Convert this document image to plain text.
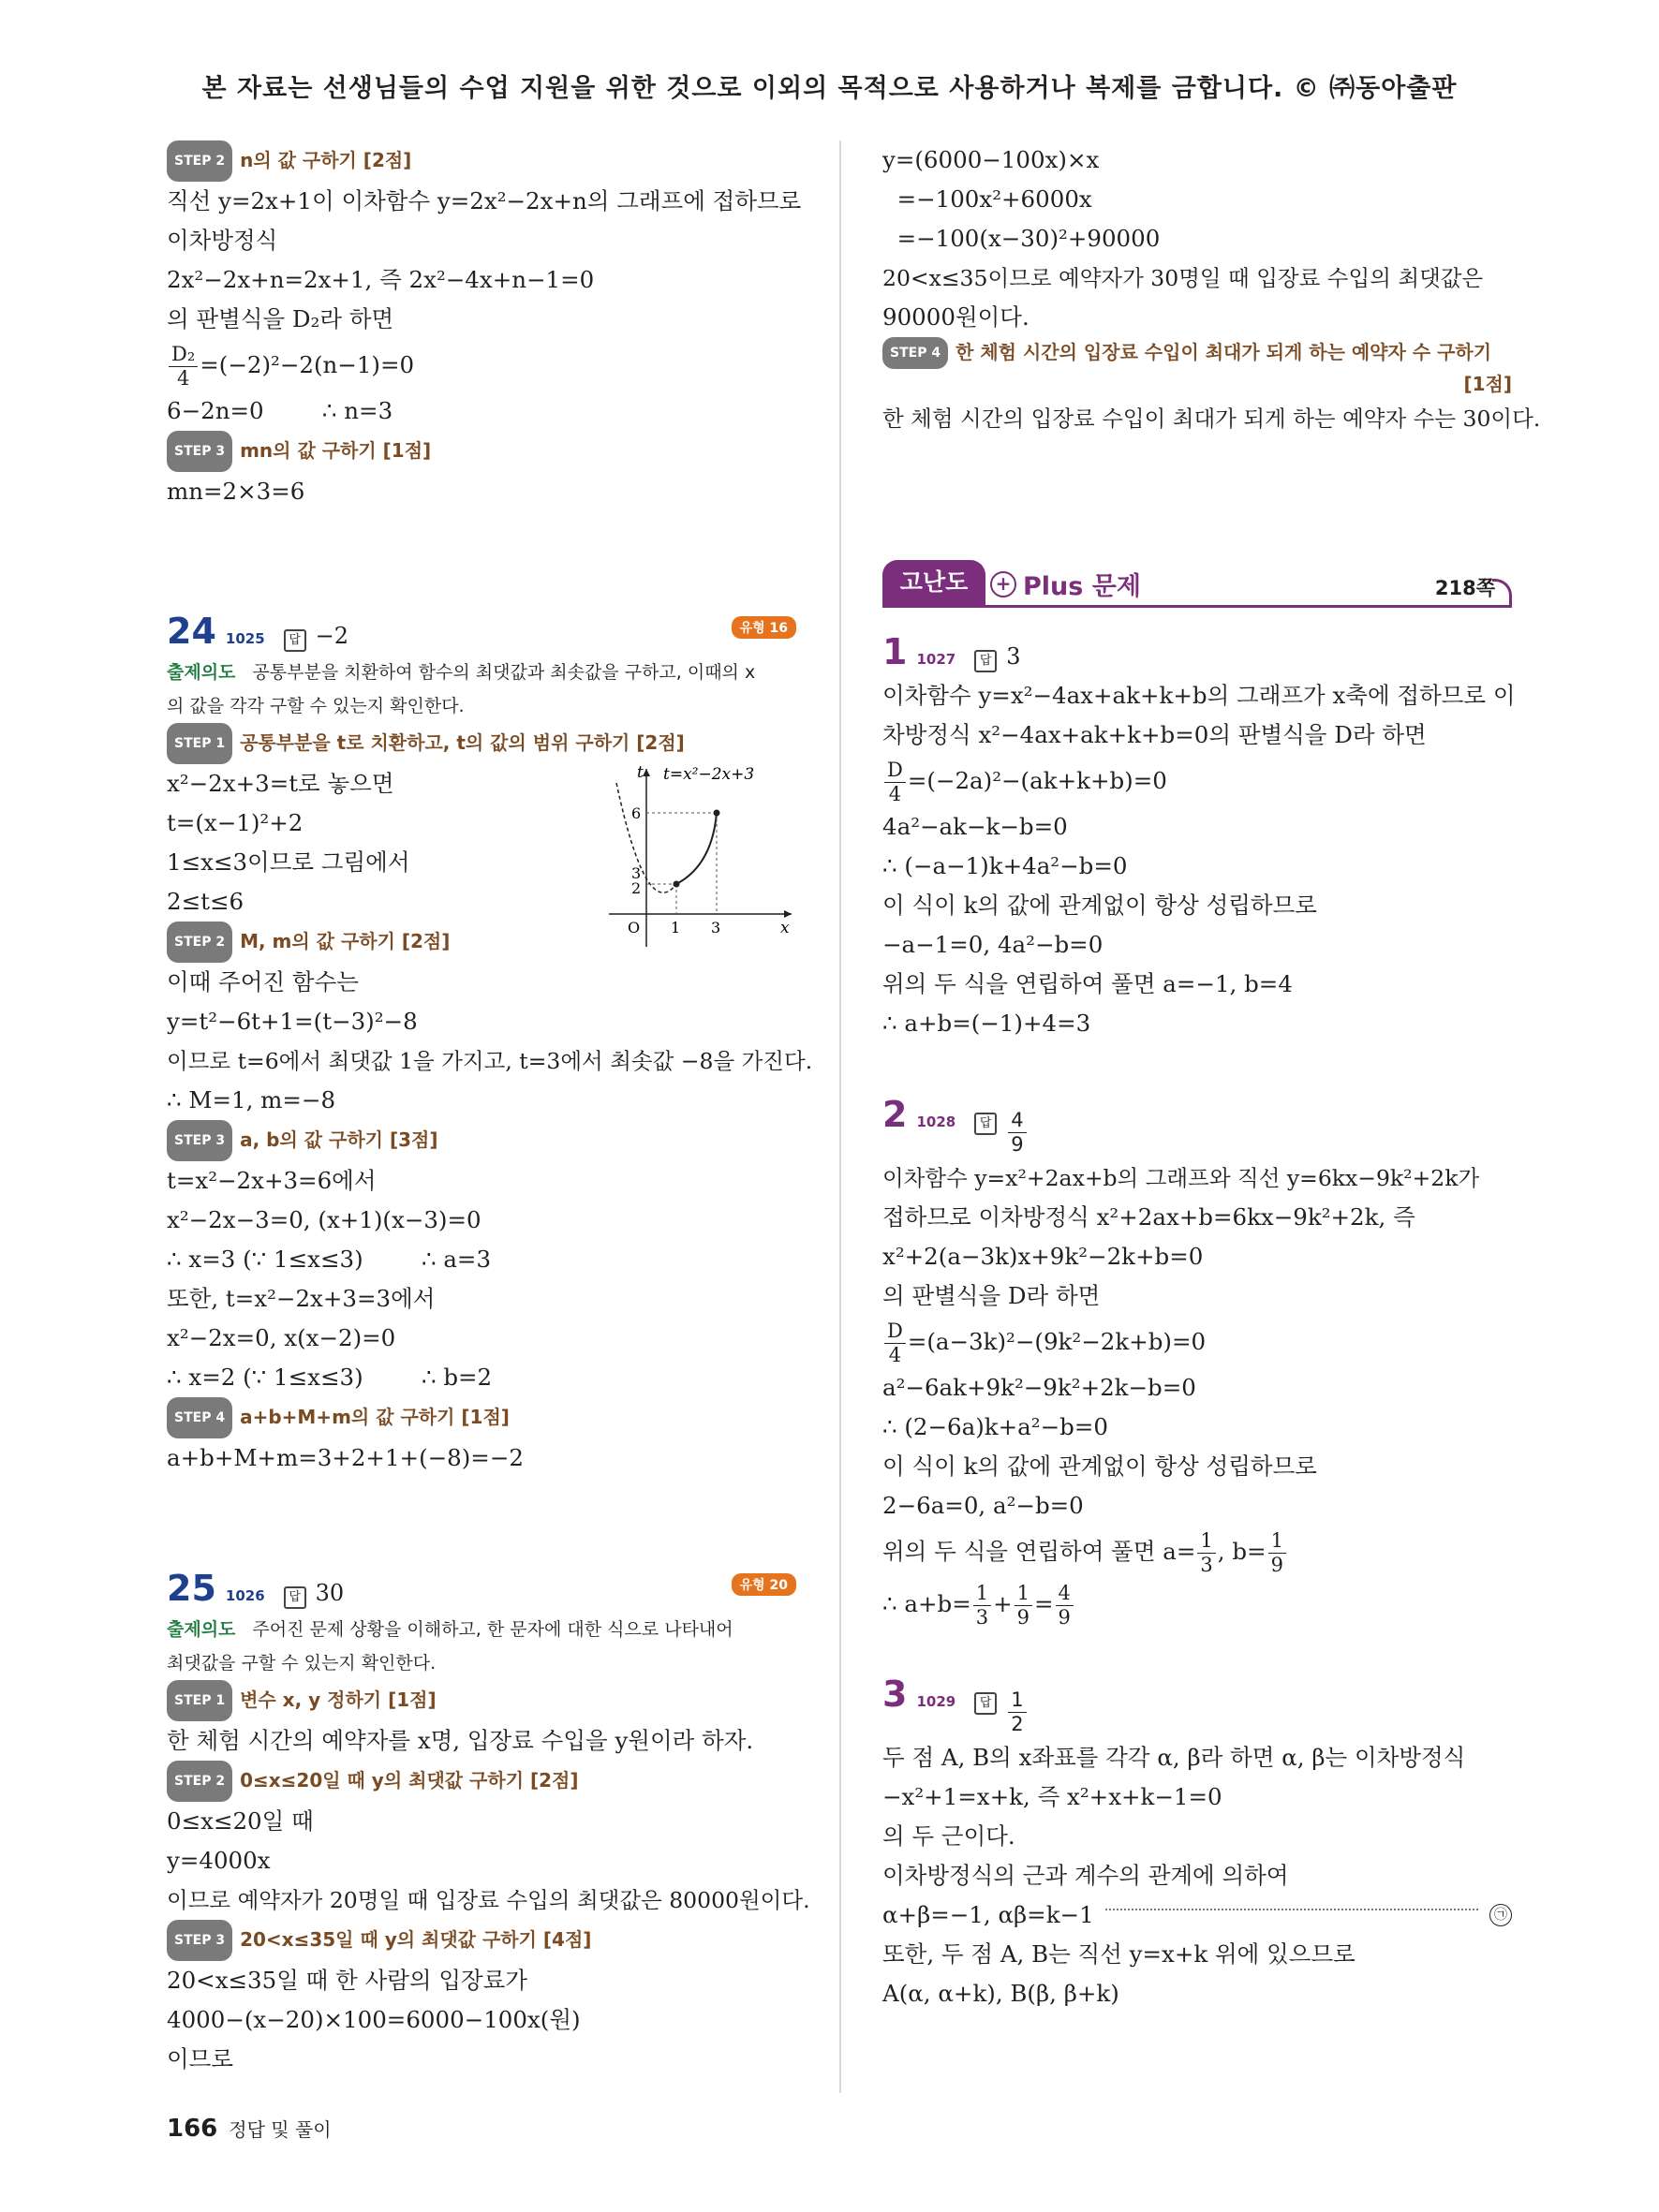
본 자료는 선생님들의 수업 지원을 위한 것으로 이외의 목적으로 사용하거나 복제를 금합니다. © ㈜동아출판
STEP 2 n의 값 구하기 [2점]
직선 y=2x+1이 이차함수 y=2x²−2x+n의 그래프에 접하므로
이차방정식
2x²−2x+n=2x+1, 즉 2x²−4x+n−1=0
의 판별식을 D₂라 하면
$\frac{\text{D₂}}{4} =(-2)^2-2(n-1)=0$
6−2n=0        ∴ n=3
STEP 3 mn의 값 구하기 [1점]
mn=2×3=6
24 1025	답 −2	유형 16
출제의도 공통부분을 치환하여 함수의 최댓값과 최솟값을 구하고, 이때의 x
의 값을 각각 구할 수 있는지 확인한다.
STEP 1 공통부분을 t로 치환하고, t의 값의 범위 구하기 [2점]
t t=x²−2x+3
6
3
2
O 1 3	x
x²−2x+3=t로 놓으면
t=(x−1)²+2
1≤x≤3이므로 그림에서
2≤t≤6
STEP 2 M, m의 값 구하기 [2점]
이때 주어진 함수는
y=t²−6t+1=(t−3)²−8
이므로 t=6에서 최댓값 1을 가지고, t=3에서 최솟값 −8을 가진다.
∴ M=1, m=−8
STEP 3 a, b의 값 구하기 [3점]
t=x²−2x+3=6에서
x²−2x−3=0, (x+1)(x−3)=0
∴ x=3 (∵ 1≤x≤3)        ∴ a=3
또한, t=x²−2x+3=3에서
x²−2x=0, x(x−2)=0
∴ x=2 (∵ 1≤x≤3)        ∴ b=2
STEP 4 a+b+M+m의 값 구하기 [1점]
a+b+M+m=3+2+1+(−8)=−2
25 1026	답 30	유형 20
출제의도 주어진 문제 상황을 이해하고, 한 문자에 대한 식으로 나타내어
최댓값을 구할 수 있는지 확인한다.
STEP 1 변수 x, y 정하기 [1점]
한 체험 시간의 예약자를 x명, 입장료 수입을 y원이라 하자.
STEP 2 0≤x≤20일 때 y의 최댓값 구하기 [2점]
0≤x≤20일 때
y=4000x
이므로 예약자가 20명일 때 입장료 수입의 최댓값은 80000원이다.
STEP 3 20<x≤35일 때 y의 최댓값 구하기 [4점]
20<x≤35일 때 한 사람의 입장료가
4000−(x−20)×100=6000−100x(원)
이므로
y=(6000−100x)×x
=−100x²+6000x
=−100(x−30)²+90000
20<x≤35이므로 예약자가 30명일 때 입장료 수입의 최댓값은
90000원이다.
STEP 4 한 체험 시간의 입장료 수입이 최대가 되게 하는 예약자 수 구하기
[1점]
한 체험 시간의 입장료 수입이 최대가 되게 하는 예약자 수는 30이다.
고난도	+ Plus 문제	218쪽
1 1027	답 3
이차함수 y=x²−4ax+ak+k+b의 그래프가 x축에 접하므로 이
차방정식 x²−4ax+ak+k+b=0의 판별식을 D라 하면
$\frac{D}{4} =(-2a)^2-(ak+k+b)=0$
4a²−ak−k−b=0
∴ (−a−1)k+4a²−b=0
이 식이 k의 값에 관계없이 항상 성립하므로
−a−1=0, 4a²−b=0
위의 두 식을 연립하여 풀면 a=−1, b=4
∴ a+b=(−1)+4=3
2 1028	답 $\frac{4}{9}$
이차함수 y=x²+2ax+b의 그래프와 직선 y=6kx−9k²+2k가
접하므로 이차방정식 x²+2ax+b=6kx−9k²+2k, 즉
x²+2(a−3k)x+9k²−2k+b=0
의 판별식을 D라 하면
$\frac{D}{4} =(a-3k)^2-(9k^2-2k+b)=0$
a²−6ak+9k²−9k²+2k−b=0
∴ (2−6a)k+a²−b=0
이 식이 k의 값에 관계없이 항상 성립하므로
2−6a=0, a²−b=0
위의 두 식을 연립하여 풀면 $a= \frac{1}{3}$ , $b= \frac{1}{9}$
∴ $a+b= \frac{1}{3} + \frac{1}{9} = \frac{4}{9}$
3 1029	답 $\frac{1}{2}$
두 점 A, B의 x좌표를 각각 α, β라 하면 α, β는 이차방정식
−x²+1=x+k, 즉 x²+x+k−1=0
의 두 근이다.
이차방정식의 근과 계수의 관계에 의하여
α+β=−1, αβ=k−1	㉠
또한, 두 점 A, B는 직선 y=x+k 위에 있으므로
A(α, α+k), B(β, β+k)
166 정답 및 풀이
